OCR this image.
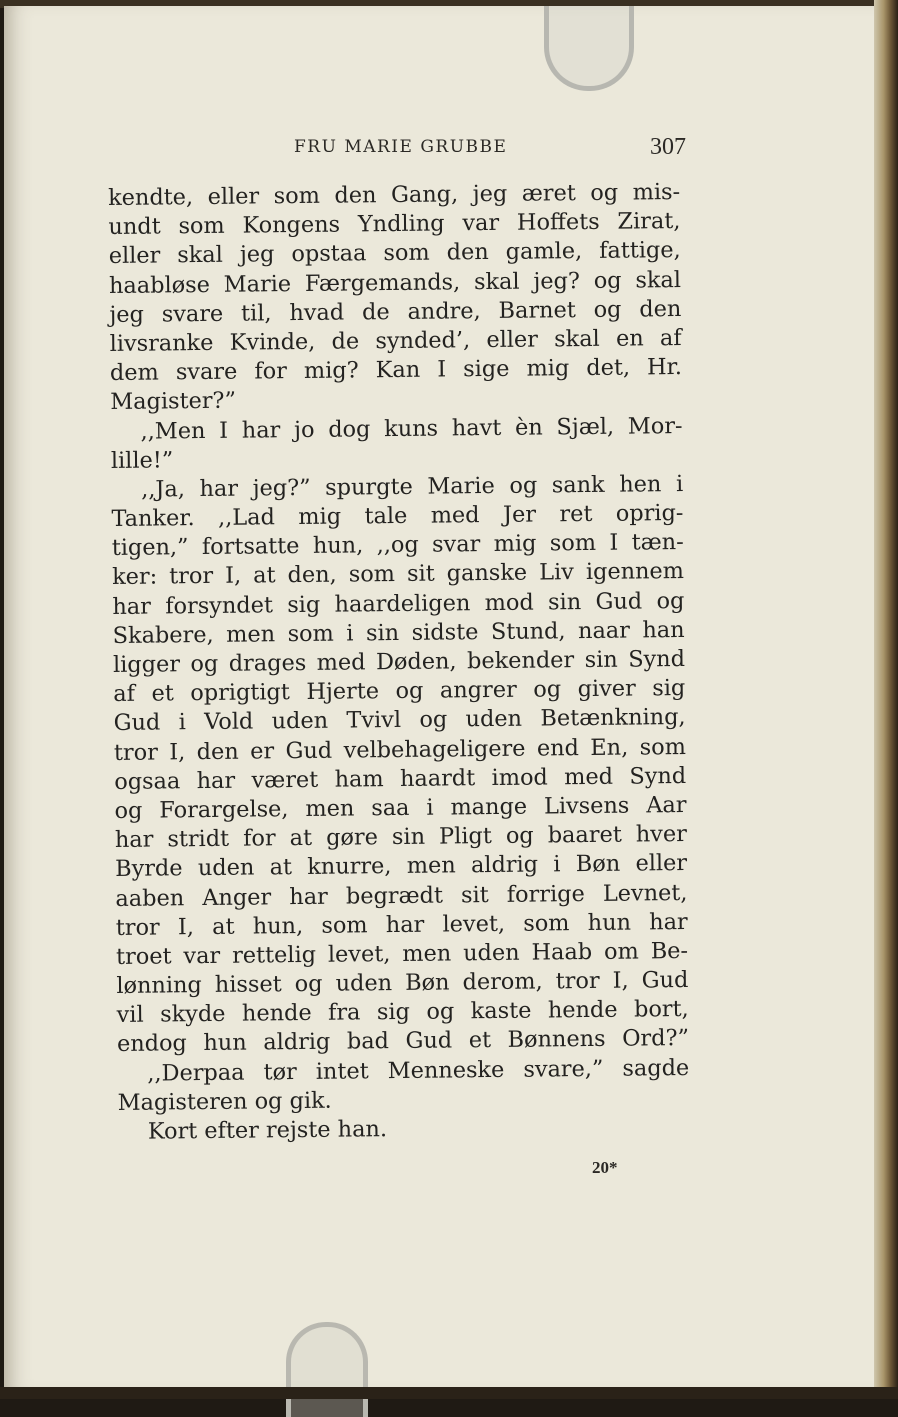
FRU MARIE GRUBBE	307
kendte, eller som den Gang, jeg æret og mis-
undt som Kongens Yndling var Hoffets Zirat,
eller skal jeg opstaa som den gamle, fattige,
haabløse Marie Færgemands, skal jeg? og skal
jeg svare til, hvad de andre, Barnet og den
livsranke Kvinde, de synded’, eller skal en af
dem svare for mig? Kan I sige mig det, Hr.
Magister?”
,,Men I har jo dog kuns havt èn Sjæl, Mor-
lille!”
,,Ja, har jeg?” spurgte Marie og sank hen i
Tanker. ,,Lad mig tale med Jer ret oprig-
tigen,” fortsatte hun, ,,og svar mig som I tæn-
ker: tror I, at den, som sit ganske Liv igennem
har forsyndet sig haardeligen mod sin Gud og
Skabere, men som i sin sidste Stund, naar han
ligger og drages med Døden, bekender sin Synd
af et oprigtigt Hjerte og angrer og giver sig
Gud i Vold uden Tvivl og uden Betænkning,
tror I, den er Gud velbehageligere end En, som
ogsaa har været ham haardt imod med Synd
og Forargelse, men saa i mange Livsens Aar
har stridt for at gøre sin Pligt og baaret hver
Byrde uden at knurre, men aldrig i Bøn eller
aaben Anger har begrædt sit forrige Levnet,
tror I, at hun, som har levet, som hun har
troet var rettelig levet, men uden Haab om Be-
lønning hisset og uden Bøn derom, tror I, Gud
vil skyde hende fra sig og kaste hende bort,
endog hun aldrig bad Gud et Bønnens Ord?”
,,Derpaa tør intet Menneske svare,” sagde
Magisteren og gik.
Kort efter rejste han.
20*
